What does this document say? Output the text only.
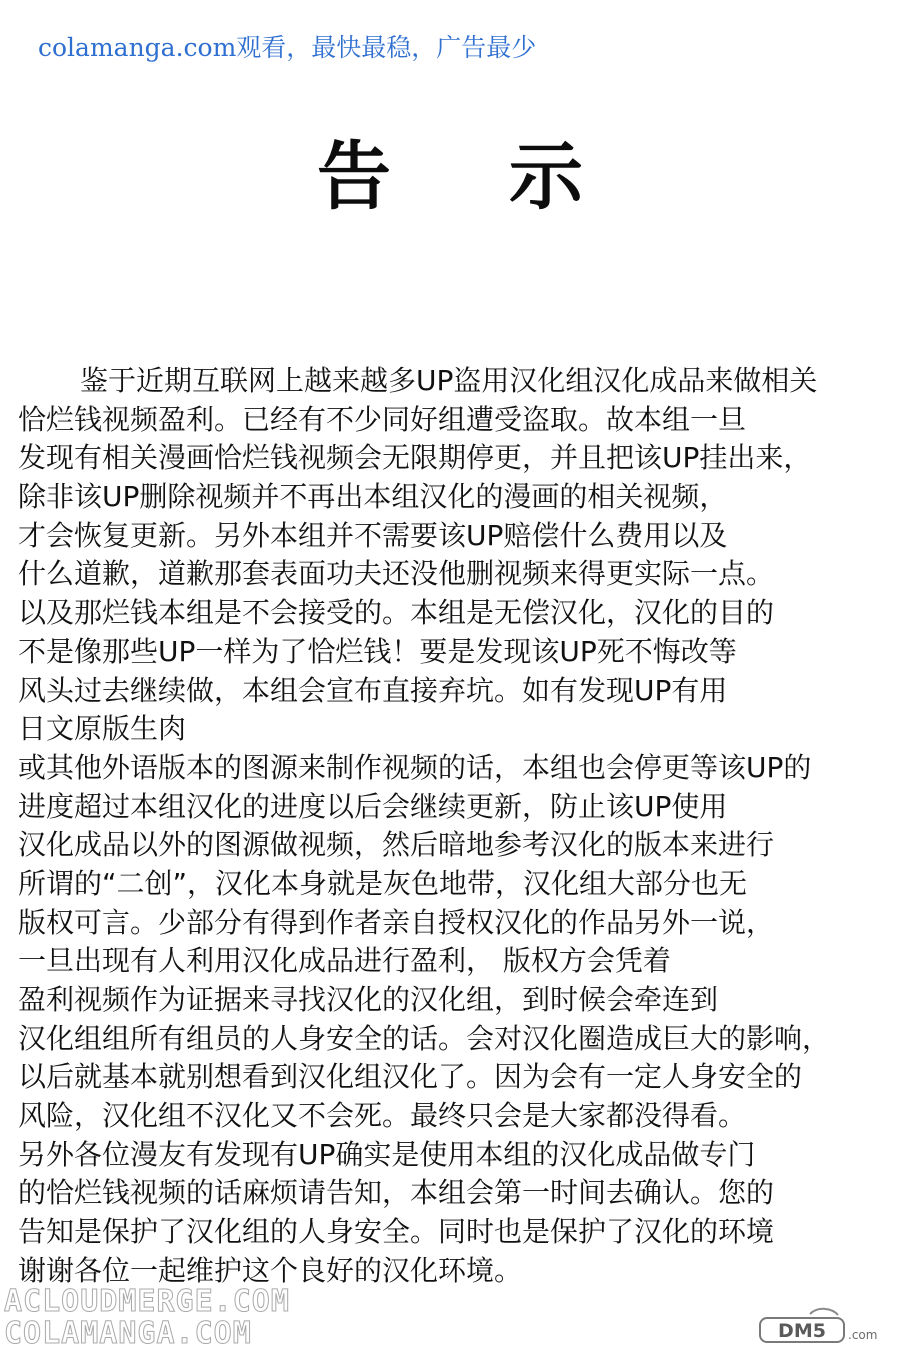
colamanga.com观看，最快最稳，广告最少
告 示
鉴于近期互联网上越来越多UP盗用汉化组汉化成品来做相关
恰烂钱视频盈利。已经有不少同好组遭受盗取。故本组一旦
发现有相关漫画恰烂钱视频会无限期停更，并且把该UP挂出来，
除非该UP删除视频并不再出本组汉化的漫画的相关视频，
才会恢复更新。另外本组并不需要该UP赔偿什么费用以及
什么道歉，道歉那套表面功夫还没他删视频来得更实际一点。
以及那烂钱本组是不会接受的。本组是无偿汉化，汉化的目的
不是像那些UP一样为了恰烂钱！要是发现该UP死不悔改等
风头过去继续做，本组会宣布直接弃坑。如有发现UP有用
日文原版生肉
或其他外语版本的图源来制作视频的话，本组也会停更等该UP的
进度超过本组汉化的进度以后会继续更新，防止该UP使用
汉化成品以外的图源做视频，然后暗地参考汉化的版本来进行
所谓的“二创”，汉化本身就是灰色地带，汉化组大部分也无
版权可言。少部分有得到作者亲自授权汉化的作品另外一说，
一旦出现有人利用汉化成品进行盈利， 版权方会凭着
盈利视频作为证据来寻找汉化的汉化组，到时候会牵连到
汉化组组所有组员的人身安全的话。会对汉化圈造成巨大的影响，
以后就基本就别想看到汉化组汉化了。因为会有一定人身安全的
风险，汉化组不汉化又不会死。最终只会是大家都没得看。
另外各位漫友有发现有UP确实是使用本组的汉化成品做专门
的恰烂钱视频的话麻烦请告知，本组会第一时间去确认。您的
告知是保护了汉化组的人身安全。同时也是保护了汉化的环境
谢谢各位一起维护这个良好的汉化环境。
ACLOUDMERGE.COM
COLAMANGA.COM	DM5 .com
